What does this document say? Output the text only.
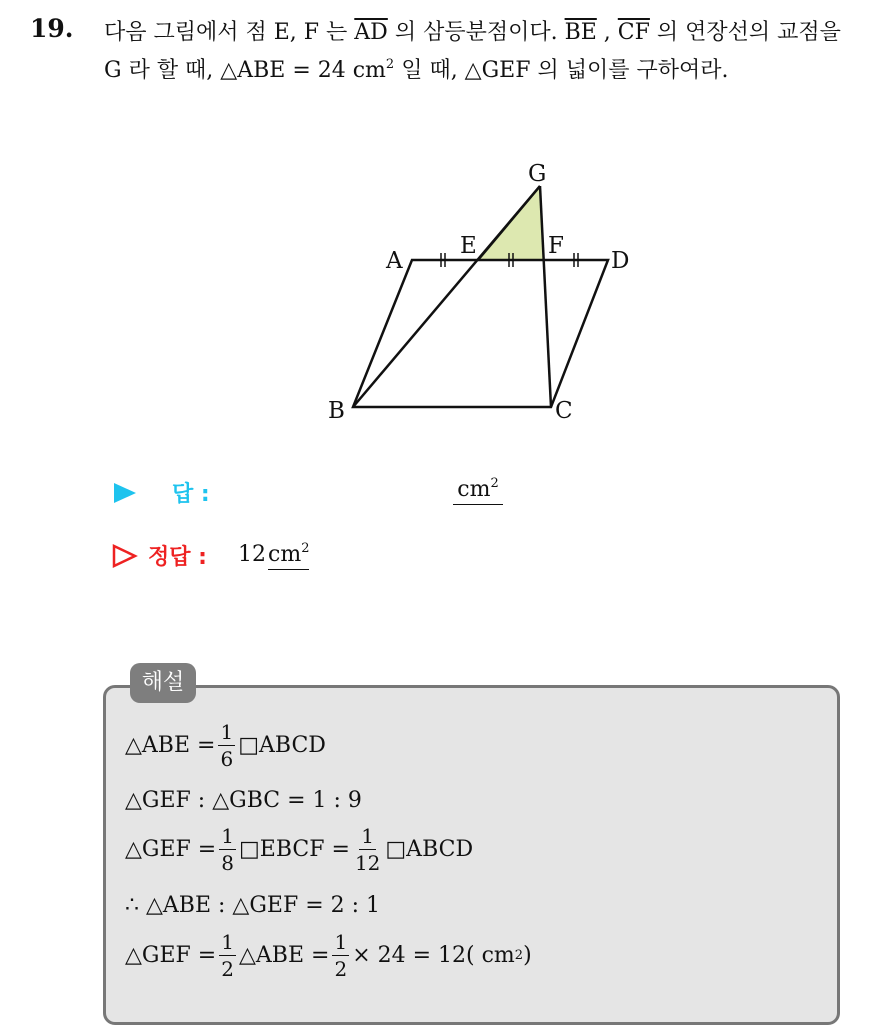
19. 다음 그림에서 점 E, F 는 $\overline{AD}$ 의 삼등분점이다. $\overline{BE}$ , $\overline{CF}$ 의 연장선의 교점을 G 라 할 때, △ABE = 24 $cm^2$ 일 때, △GEF 의 넓이를 구하여라.
G
A
E	F
D
B	C
답 :	$cm^2$
정답 : $12cm^2$
해설
△ABE = $\frac{1}{6}$ □ABCD
△GEF : △GBC = 1 : 9
△GEF = $\frac{1}{8}$ □EBCF = $\frac{1}{12}$ □ABCD
∴ △ABE : △GEF = 2 : 1
△GEF = $\frac{1}{2}$ △ABE = $\frac{1}{2} \times 24 = 12$( cm 2 )
